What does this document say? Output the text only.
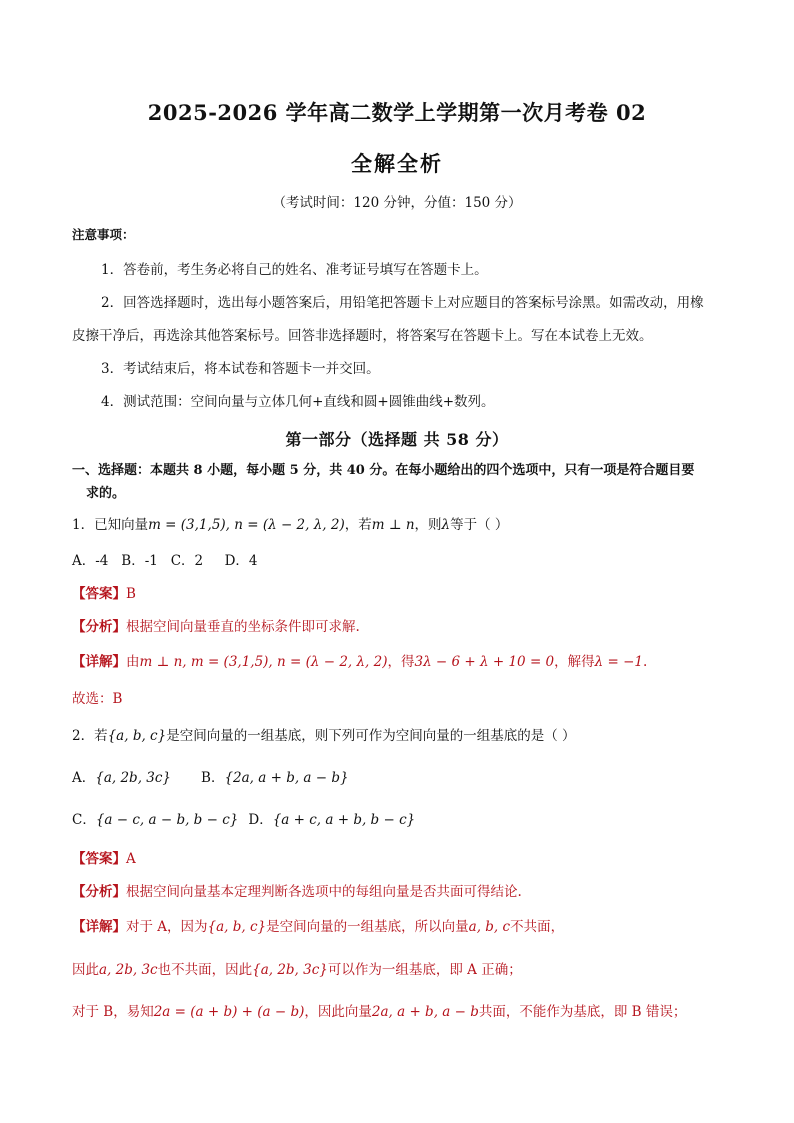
2025-2026 学年高二数学上学期第一次月考卷 02
全解全析
（考试时间：120 分钟，分值：150 分）
注意事项：
1．答卷前，考生务必将自己的姓名、准考证号填写在答题卡上。
2．回答选择题时，选出每小题答案后，用铅笔把答题卡上对应题目的答案标号涂黑。如需改动，用橡
皮擦干净后，再选涂其他答案标号。回答非选择题时，将答案写在答题卡上。写在本试卷上无效。
3．考试结束后，将本试卷和答题卡一并交回。
4．测试范围：空间向量与立体几何+直线和圆+圆锥曲线+数列。
第一部分（选择题 共 58 分）
一、选择题：本题共 8 小题，每小题 5 分，共 40 分。在每小题给出的四个选项中，只有一项是符合题目要
求的。
1．已知向量m = (3,1,5), n = (λ − 2, λ, 2)，若m ⊥ n，则λ等于（ ）
A．-4   B．-1   C．2     D．4
【答案】B
【分析】根据空间向量垂直的坐标条件即可求解.
【详解】由m ⊥ n, m = (3,1,5), n = (λ − 2, λ, 2)，得3λ − 6 + λ + 10 = 0，解得λ = −1.
故选：B
2．若{a, b, c}是空间向量的一组基底，则下列可作为空间向量的一组基底的是（ ）
A．{a, 2b, 3c} B．{2a, a + b, a − b}
C．{a − c, a − b, b − c} D．{a + c, a + b, b − c}
【答案】A
【分析】根据空间向量基本定理判断各选项中的每组向量是否共面可得结论.
【详解】对于 A，因为{a, b, c}是空间向量的一组基底，所以向量a, b, c不共面，
因此a, 2b, 3c也不共面，因此{a, 2b, 3c}可以作为一组基底，即 A 正确；
对于 B，易知2a = (a + b) + (a − b)，因此向量2a, a + b, a − b共面，不能作为基底，即 B 错误；
